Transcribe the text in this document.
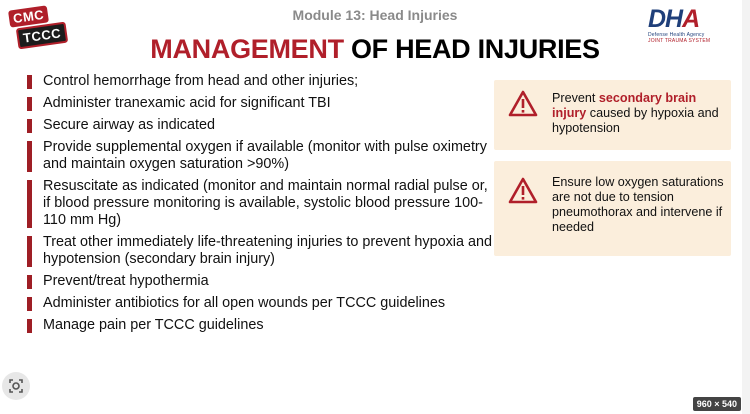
CMC
TCCC
Module 13: Head Injuries
MANAGEMENT OF HEAD INJURIES
DHA
Defense Health Agency
JOINT TRAUMA SYSTEM
Control hemorrhage from head and other injuries;
Administer tranexamic acid for significant TBI
Secure airway as indicated
Provide supplemental oxygen if available (monitor with pulse oximetry and maintain oxygen saturation >90%)
Resuscitate as indicated (monitor and maintain normal radial pulse or, if blood pressure monitoring is available, systolic blood pressure 100-110 mm Hg)
Treat other immediately life-threatening injuries to prevent hypoxia and hypotension (secondary brain injury)
Prevent/treat hypothermia
Administer antibiotics for all open wounds per TCCC guidelines
Manage pain per TCCC guidelines
Prevent secondary brain injury caused by hypoxia and hypotension
Ensure low oxygen saturations are not due to tension pneumothorax and intervene if needed
960 × 540
